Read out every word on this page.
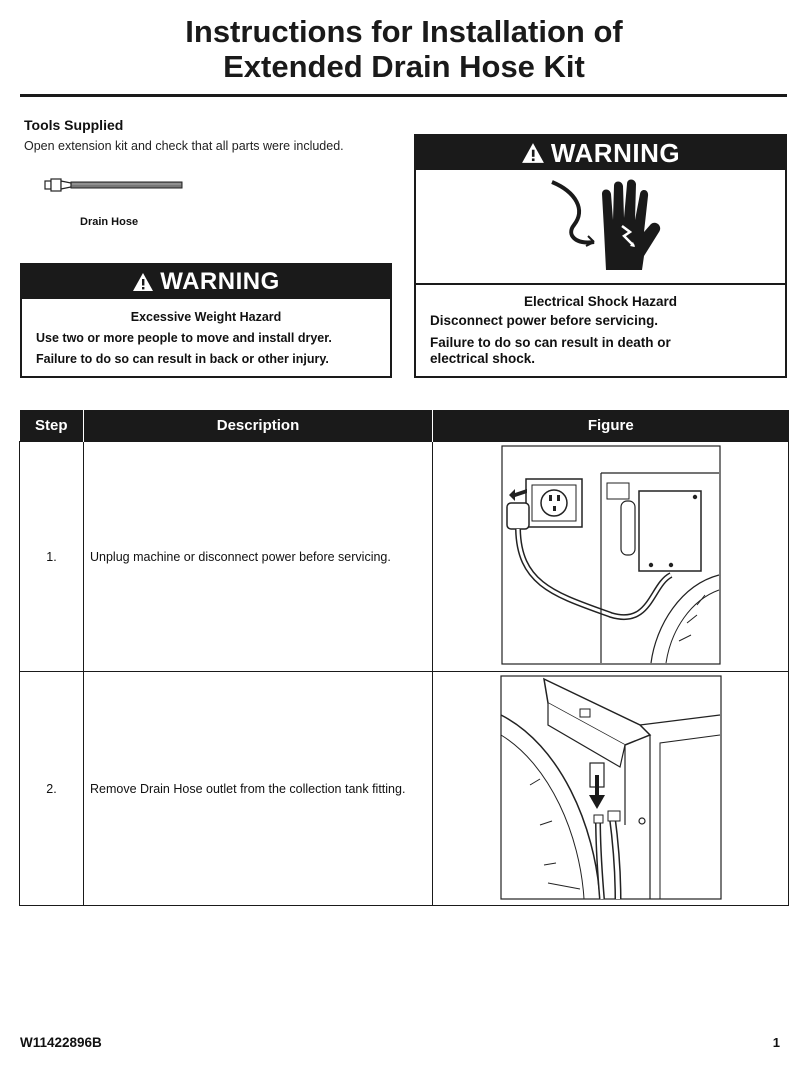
Instructions for Installation of
Extended Drain Hose Kit
Tools Supplied
Open extension kit and check that all parts were included.
Drain Hose
WARNING
Excessive Weight Hazard
Use two or more people to move and install dryer.
Failure to do so can result in back or other injury.
WARNING
Electrical Shock Hazard
Disconnect power before servicing.
Failure to do so can result in death or
electrical shock.
Step	Description	Figure
1.	Unplug machine or disconnect power before servicing.	
2.	Remove Drain Hose outlet from the collection tank fitting.	
W11422896B	1
